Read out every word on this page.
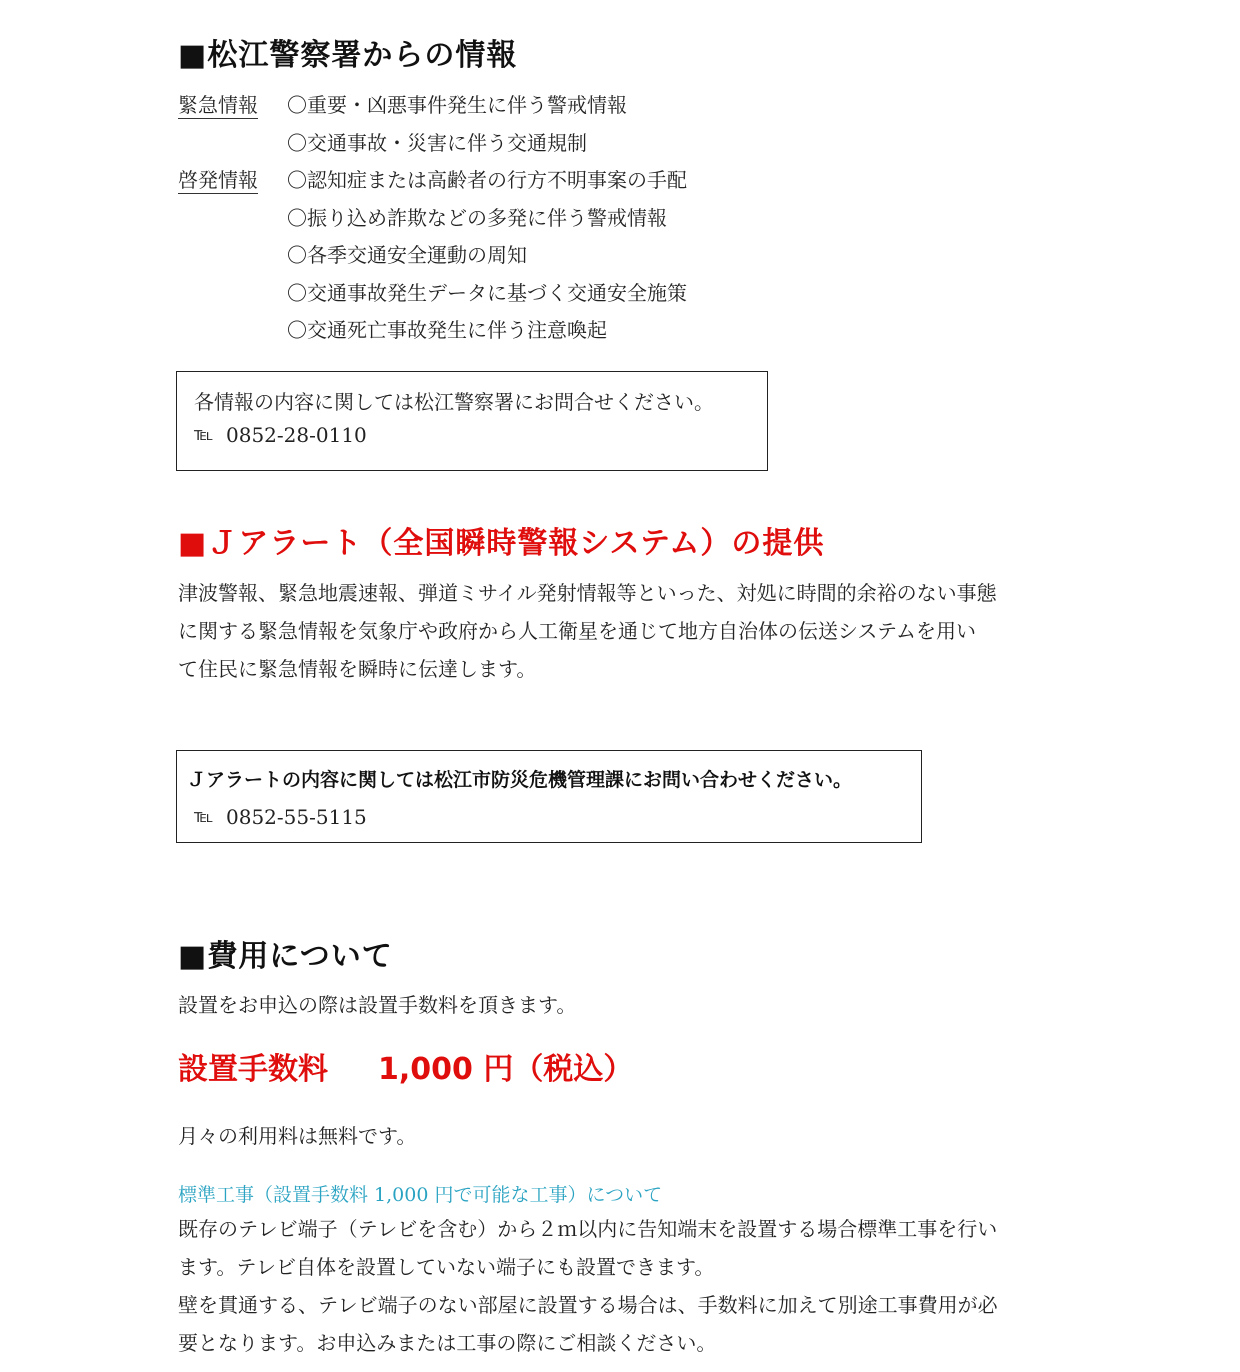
■松江警察署からの情報
緊急情報 〇重要・凶悪事件発生に伴う警戒情報
〇交通事故・災害に伴う交通規制
啓発情報 〇認知症または高齢者の行方不明事案の手配
〇振り込め詐欺などの多発に伴う警戒情報
〇各季交通安全運動の周知
〇交通事故発生データに基づく交通安全施策
〇交通死亡事故発生に伴う注意喚起
各情報の内容に関しては松江警察署にお問合せください。
℡ 0852-28-0110
■Ｊアラート（全国瞬時警報システム）の提供
津波警報、緊急地震速報、弾道ミサイル発射情報等といった、対処に時間的余裕のない事態
に関する緊急情報を気象庁や政府から人工衛星を通じて地方自治体の伝送システムを用い
て住民に緊急情報を瞬時に伝達します。
Ｊアラートの内容に関しては松江市防災危機管理課にお問い合わせください。
℡ 0852-55-5115
■費用について
設置をお申込の際は設置手数料を頂きます。
設置手数料 1,000 円（税込）
月々の利用料は無料です。
標準工事（設置手数料 1,000 円で可能な工事）について
既存のテレビ端子（テレビを含む）から２ｍ以内に告知端末を設置する場合標準工事を行い
ます。テレビ自体を設置していない端子にも設置できます。
壁を貫通する、テレビ端子のない部屋に設置する場合は、手数料に加えて別途工事費用が必
要となります。お申込みまたは工事の際にご相談ください。
